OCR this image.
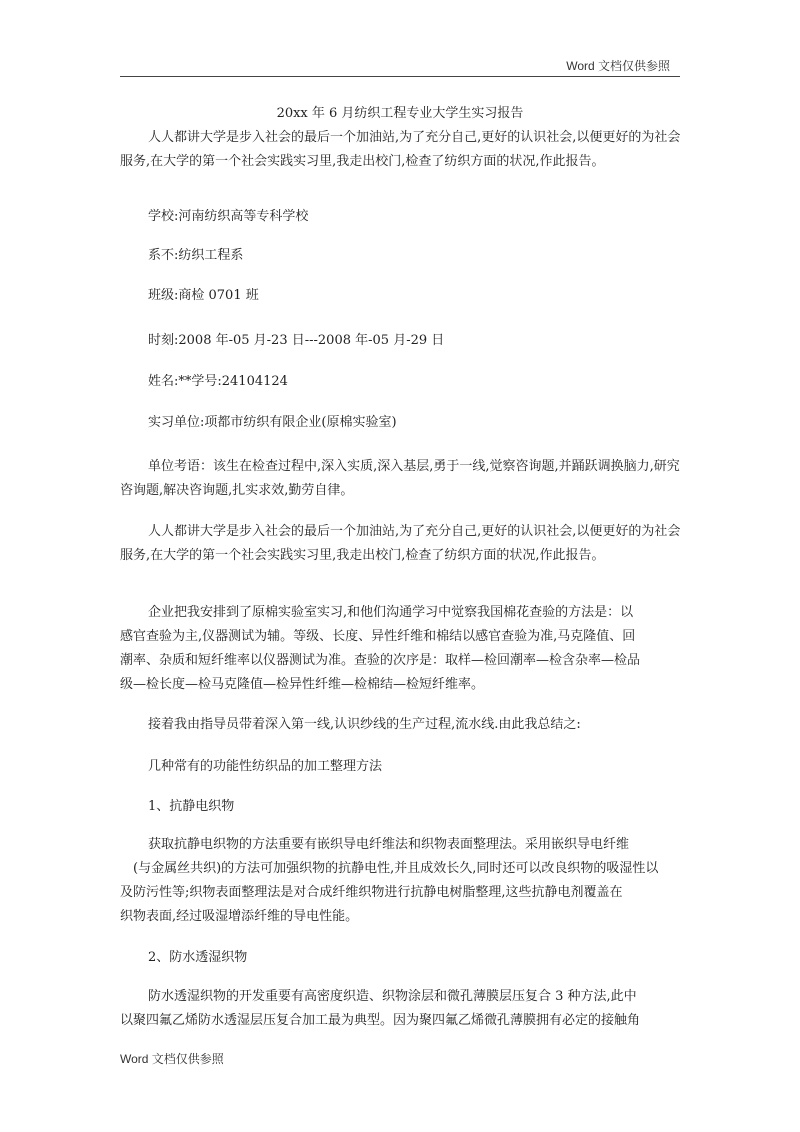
Word 文档仅供参照
20xx 年 6 月纺织工程专业大学生实习报告
人人都讲大学是步入社会的最后一个加油站,为了充分自己,更好的认识社会,以便更好的为社会
服务,在大学的第一个社会实践实习里,我走出校门,检查了纺织方面的状况,作此报告。
学校:河南纺织高等专科学校
系不:纺织工程系
班级:商检 0701 班
时刻:2008 年-05 月-23 日---2008 年-05 月-29 日
姓名:**学号:24104124
实习单位:项都市纺织有限企业(原棉实验室)
单位考语：该生在检查过程中,深入实质,深入基层,勇于一线,觉察咨询题,并踊跃调换脑力,研究
咨询题,解决咨询题,扎实求效,勤劳自律。
人人都讲大学是步入社会的最后一个加油站,为了充分自己,更好的认识社会,以便更好的为社会
服务,在大学的第一个社会实践实习里,我走出校门,检查了纺织方面的状况,作此报告。
企业把我安排到了原棉实验室实习,和他们沟通学习中觉察我国棉花查验的方法是：以
感官查验为主,仪器测试为辅。等级、长度、异性纤维和棉结以感官查验为准,马克隆值、回
潮率、杂质和短纤维率以仪器测试为准。查验的次序是：取样—检回潮率—检含杂率—检品
级—检长度—检马克隆值—检异性纤维—检棉结—检短纤维率。
接着我由指导员带着深入第一线,认识纱线的生产过程,流水线.由此我总结之:
几种常有的功能性纺织品的加工整理方法
1、抗静电织物
获取抗静电织物的方法重要有嵌织导电纤维法和织物表面整理法。采用嵌织导电纤维
(与金属丝共织)的方法可加强织物的抗静电性,并且成效长久,同时还可以改良织物的吸湿性以
及防污性等;织物表面整理法是对合成纤维织物进行抗静电树脂整理,这些抗静电剂覆盖在
织物表面,经过吸湿增添纤维的导电性能。
2、防水透湿织物
防水透湿织物的开发重要有高密度织造、织物涂层和微孔薄膜层压复合 3 种方法,此中
以聚四氟乙烯防水透湿层压复合加工最为典型。因为聚四氟乙烯微孔薄膜拥有必定的接触角
Word 文档仅供参照
